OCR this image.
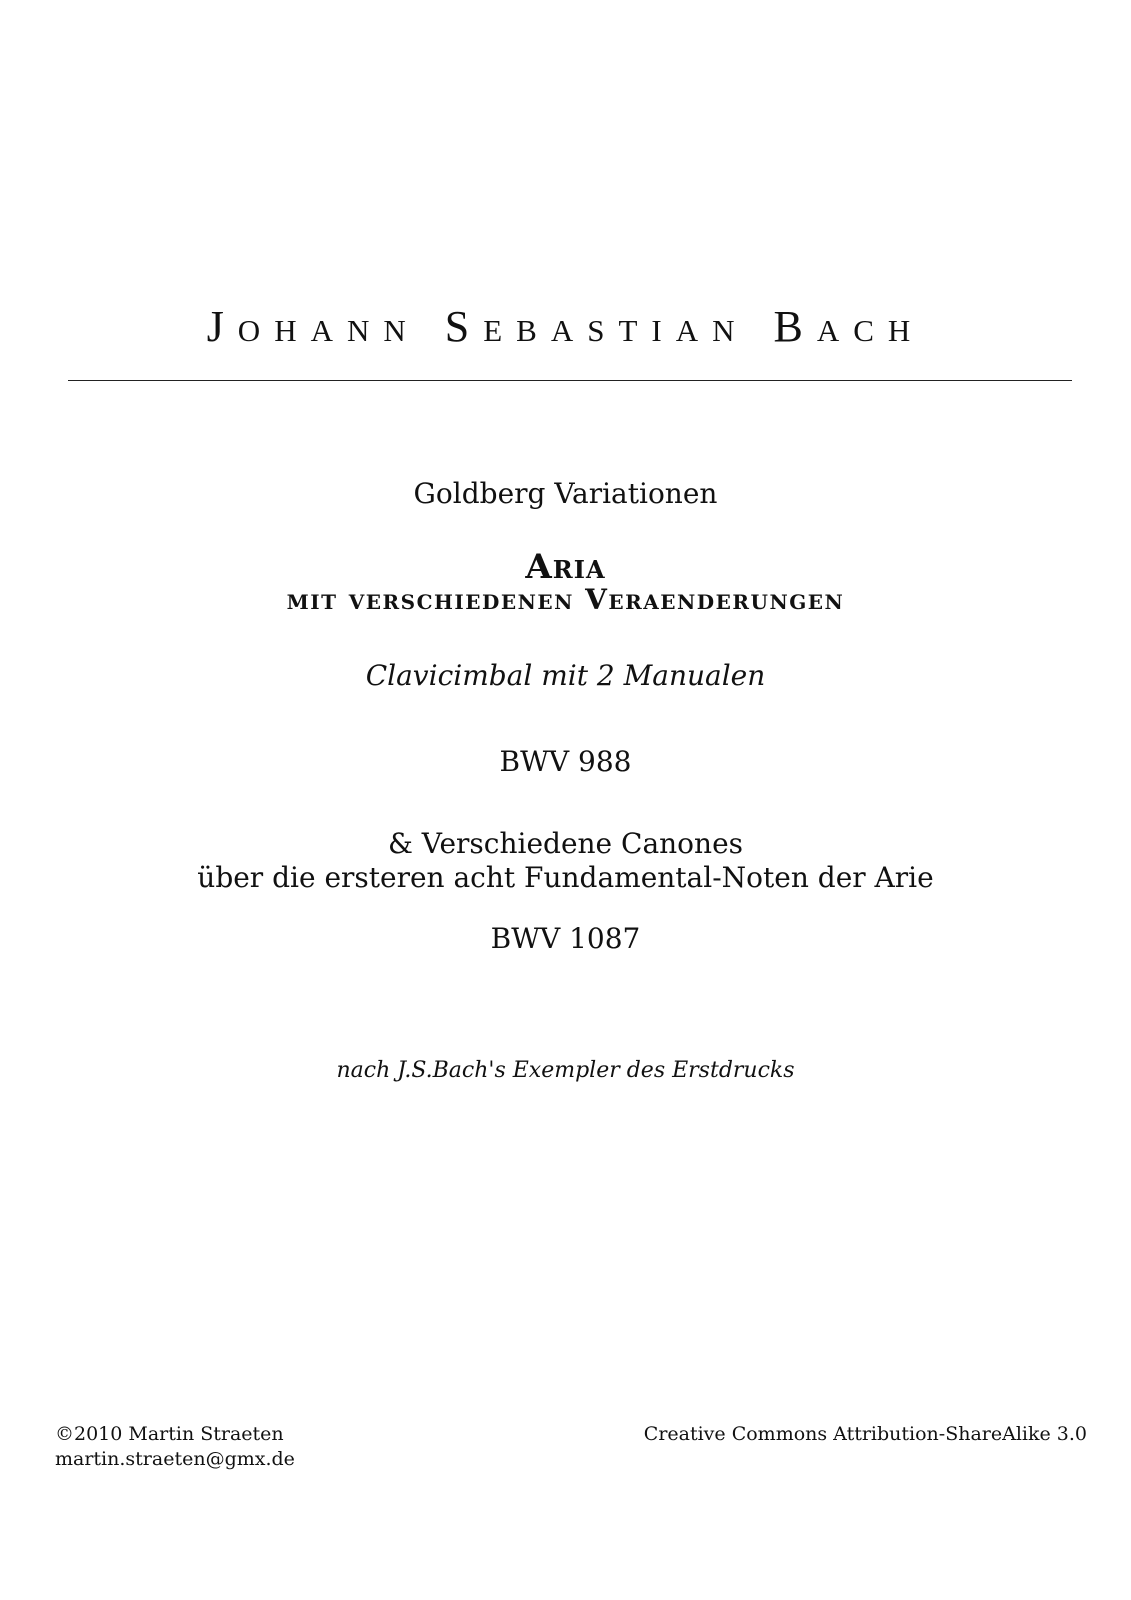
Johann Sebastian Bach
Goldberg Variationen
Aria
mit verschiedenen Veraenderungen
Clavicimbal mit 2 Manualen
BWV 988
& Verschiedene Canones
über die ersteren acht Fundamental-Noten der Arie
BWV 1087
nach J.S.Bach's Exempler des Erstdrucks
©2010 Martin Straeten
martin.straeten@gmx.de
Creative Commons Attribution-ShareAlike 3.0
